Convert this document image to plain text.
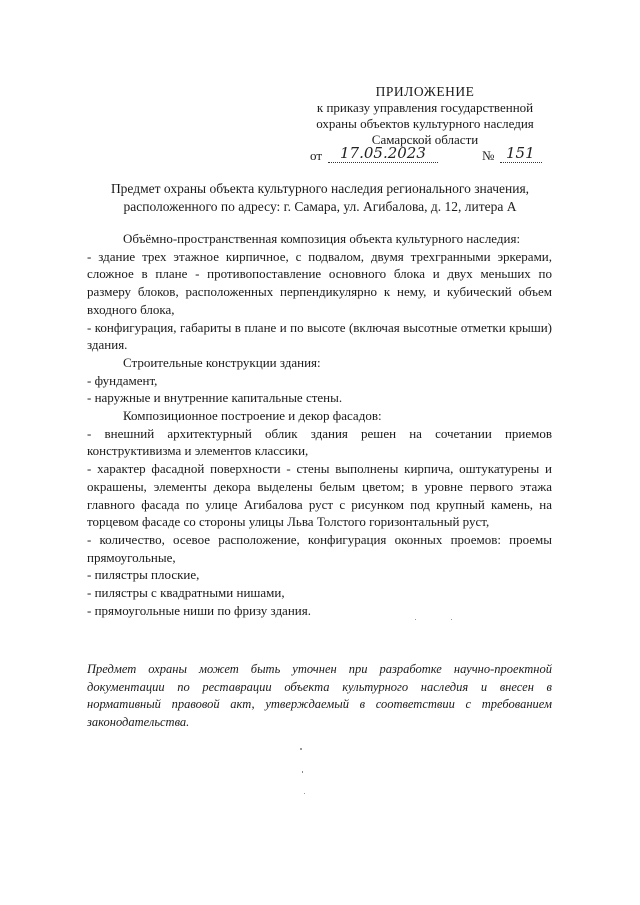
ПРИЛОЖЕНИЕ
к приказу управления государственной
охраны объектов культурного наследия
Самарской области
от 17.05.2023	№ 151
Предмет охраны объекта культурного наследия регионального значения,
расположенного по адресу: г. Самара, ул. Агибалова, д. 12, литера А

Объёмно-пространственная композиция объекта культурного наследия:

- здание трех этажное кирпичное, с подвалом, двумя трехгранными эркерами, сложное в плане - противопоставление основного блока и двух меньших по размеру блоков, расположенных перпендикулярно к нему, и кубический объем входного блока,

- конфигурация, габариты в плане и по высоте (включая высотные отметки крыши) здания.

Строительные конструкции здания:

- фундамент,

- наружные и внутренние капитальные стены.

Композиционное построение и декор фасадов:

- внешний архитектурный облик здания решен на сочетании приемов конструктивизма и элементов классики,

- характер фасадной поверхности - стены выполнены кирпича, оштукатурены и окрашены, элементы декора выделены белым цветом; в уровне первого этажа главного фасада по улице Агибалова руст с рисунком под крупный камень, на торцевом фасаде со стороны улицы Льва Толстого горизонтальный руст,

- количество, осевое расположение, конфигурация оконных проемов: проемы прямоугольные,

- пилястры плоские,

- пилястры с квадратными нишами,

- прямоугольные ниши по фризу здания.

Предмет охраны может быть уточнен при разработке научно-проектной документации по реставрации объекта культурного наследия и внесен в нормативный правовой акт, утверждаемый в соответствии с требованием законодательства.
